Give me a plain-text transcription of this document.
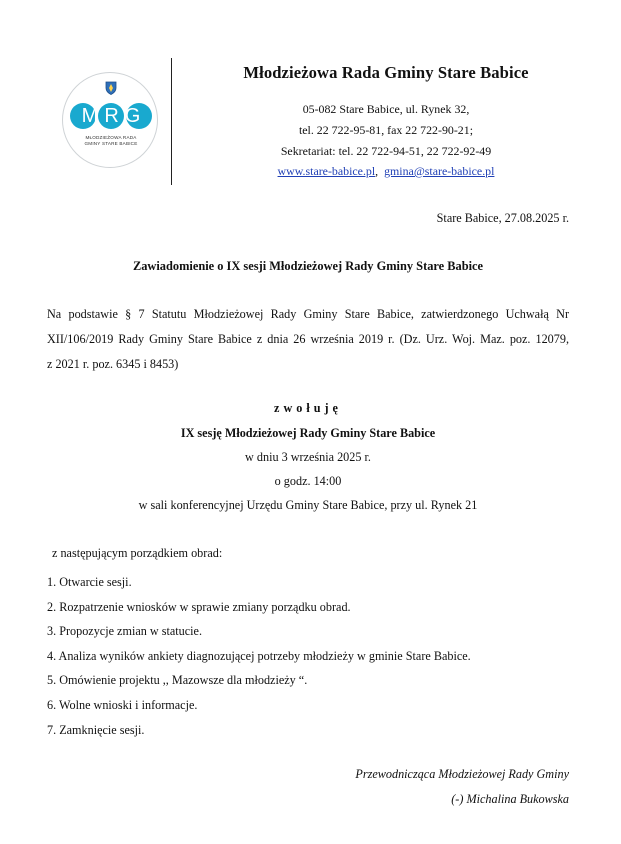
MRG
MŁODZIEŻOWA RADA
GMINY STARE BABICE
Młodzieżowa Rada Gminy Stare Babice
05-082 Stare Babice, ul. Rynek 32,
tel. 22 722-95-81, fax 22 722-90-21;
Sekretariat: tel. 22 722-94-51, 22 722-92-49
www.stare-babice.pl, gmina@stare-babice.pl
Stare Babice, 27.08.2025 r.
Zawiadomienie o IX sesji Młodzieżowej Rady Gminy Stare Babice

Na podstawie § 7 Statutu Młodzieżowej Rady Gminy Stare Babice, zatwierdzonego Uchwałą Nr

XII/106/2019 Rady Gminy Stare Babice z dnia 26 września 2019 r. (Dz. Urz. Woj. Maz. poz. 12079,

z 2021 r. poz. 6345 i 8453)

zwołuję
IX sesję Młodzieżowej Rady Gminy Stare Babice
w dniu 3 września 2025 r.
o godz. 14:00
w sali konferencyjnej Urzędu Gminy Stare Babice, przy ul. Rynek 21
z następującym porządkiem obrad:
1. Otwarcie sesji.
2. Rozpatrzenie wniosków w sprawie zmiany porządku obrad.
3. Propozycje zmian w statucie.
4. Analiza wyników ankiety diagnozującej potrzeby młodzieży w gminie Stare Babice.
5. Omówienie projektu ,, Mazowsze dla młodzieży “.
6. Wolne wnioski i informacje.
7. Zamknięcie sesji.
Przewodnicząca Młodzieżowej Rady Gminy
(-) Michalina Bukowska
